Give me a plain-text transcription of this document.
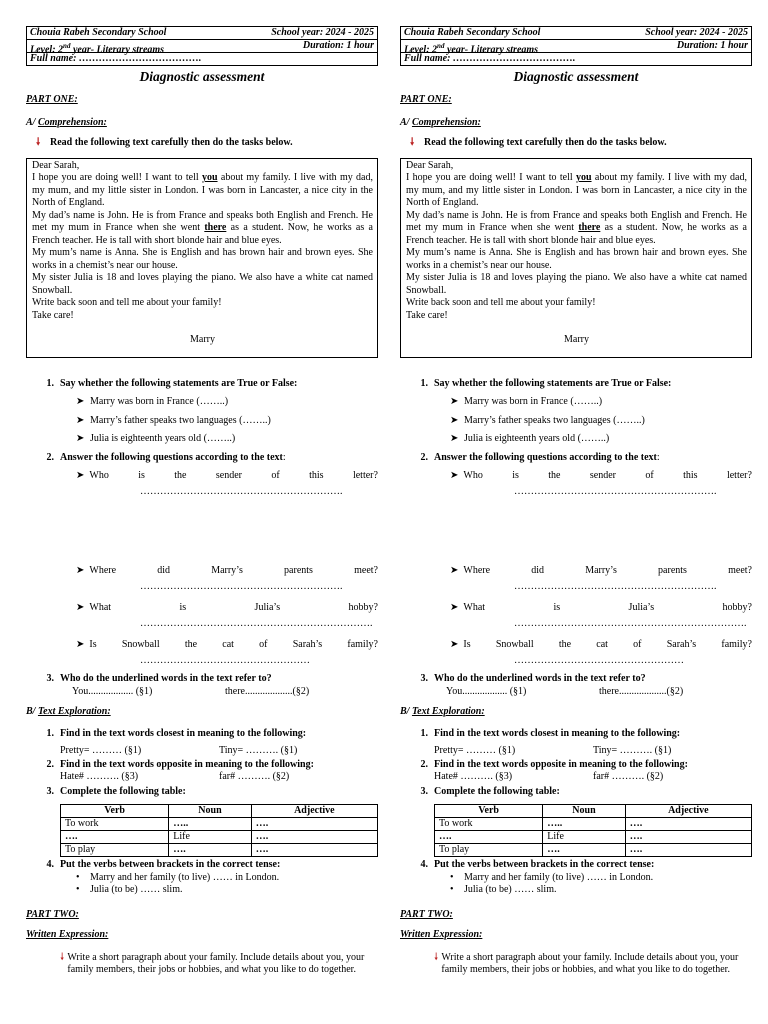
Chouia Rabeh Secondary School	School year: 2024 - 2025
Level: 2nd year- Literary streams	Duration: 1 hour
Full name: ……………………………….
Diagnostic assessment
PART ONE:
A/ Comprehension:
🠗 Read the following text carefully then do the tasks below.

Dear Sarah,

I hope you are doing well! I want to tell you about my family. I live with my dad, my mum, and my little sister in London. I was born in Lancaster, a nice city in the North of England.

My dad’s name is John. He is from France and speaks both English and French. He met my mum in France when she went there as a student. Now, he works as a French teacher. He is tall with short blonde hair and blue eyes.

My mum’s name is Anna. She is English and has brown hair and brown eyes. She works in a chemist’s near our house.

My sister Julia is 18 and loves playing the piano. We also have a white cat named Snowball.

Write back soon and tell me about your family!

Take care!

Marry

1. Say whether the following statements are True or False:
➤ Marry was born in France (……..)
➤ Marry’s father speaks two languages (……..)
➤ Julia is eighteenth years old (……..)
2. Answer the following questions according to the text:
➤ Who	is	the	sender	of	this	letter?
…………………………………………………….
➤ Where	did	Marry’s	parents	meet?
…………………………………………………….
➤ What	is	Julia’s	hobby?
…………………………………………………………….
➤ Is	Snowball	the	cat	of	Sarah’s	family?
……………………………………………
3. Who do the underlined words in the text refer to?
You.................. (§1)	there...................(§2)
B/ Text Exploration:
1. Find in the text words closest in meaning to the following:
Pretty= ……… (§1)	Tiny= ………. (§1)
2. Find in the text words opposite in meaning to the following:
Hate# ………. (§3)	far# ………. (§2)
3. Complete the following table:
Verb	Noun	Adjective
To work	…..	….
….	Life	….
To play	….	….
4. Put the verbs between brackets in the correct tense:
•	Marry and her family (to live) …… in London.
•	Julia (to be) …… slim.
PART TWO:
Written Expression:
🠗 Write a short paragraph about your family. Include details about you, your family members, their jobs or hobbies, and what you like to do together.
Chouia Rabeh Secondary School	School year: 2024 - 2025
Level: 2nd year- Literary streams	Duration: 1 hour
Full name: ……………………………….
Diagnostic assessment
PART ONE:
A/ Comprehension:
🠗 Read the following text carefully then do the tasks below.

Dear Sarah,

I hope you are doing well! I want to tell you about my family. I live with my dad, my mum, and my little sister in London. I was born in Lancaster, a nice city in the North of England.

My dad’s name is John. He is from France and speaks both English and French. He met my mum in France when she went there as a student. Now, he works as a French teacher. He is tall with short blonde hair and blue eyes.

My mum’s name is Anna. She is English and has brown hair and brown eyes. She works in a chemist’s near our house.

My sister Julia is 18 and loves playing the piano. We also have a white cat named Snowball.

Write back soon and tell me about your family!

Take care!

Marry

1. Say whether the following statements are True or False:
➤ Marry was born in France (……..)
➤ Marry’s father speaks two languages (……..)
➤ Julia is eighteenth years old (……..)
2. Answer the following questions according to the text:
➤ Who	is	the	sender	of	this	letter?
…………………………………………………….
➤ Where	did	Marry’s	parents	meet?
…………………………………………………….
➤ What	is	Julia’s	hobby?
…………………………………………………………….
➤ Is	Snowball	the	cat	of	Sarah’s	family?
……………………………………………
3. Who do the underlined words in the text refer to?
You.................. (§1)	there...................(§2)
B/ Text Exploration:
1. Find in the text words closest in meaning to the following:
Pretty= ……… (§1)	Tiny= ………. (§1)
2. Find in the text words opposite in meaning to the following:
Hate# ………. (§3)	far# ………. (§2)
3. Complete the following table:
Verb	Noun	Adjective
To work	…..	….
….	Life	….
To play	….	….
4. Put the verbs between brackets in the correct tense:
•	Marry and her family (to live) …… in London.
•	Julia (to be) …… slim.
PART TWO:
Written Expression:
🠗 Write a short paragraph about your family. Include details about you, your family members, their jobs or hobbies, and what you like to do together.
